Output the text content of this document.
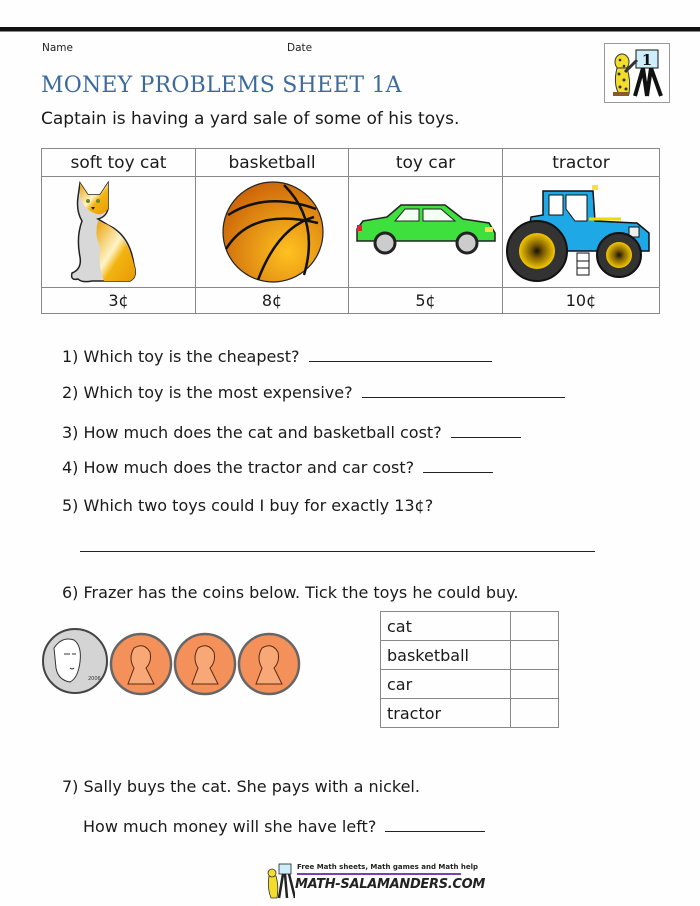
Name	Date
1
MONEY PROBLEMS SHEET 1A
Captain is having a yard sale of some of his toys.
soft toy cat	basketball	toy car	tractor

3¢	8¢	5¢	10¢
1) Which toy is the cheapest?
2) Which toy is the most expensive?
3) How much does the cat and basketball cost?
4) How much does the tractor and car cost?
5) Which two toys could I buy for exactly 13¢?
6) Frazer has the coins below. Tick the toys he could buy.
2006
cat	
basketball	
car	
tractor	
7) Sally buys the cat. She pays with a nickel.
How much money will she have left?
Free Math sheets, Math games and Math help
MATH-SALAMANDERS.COM
